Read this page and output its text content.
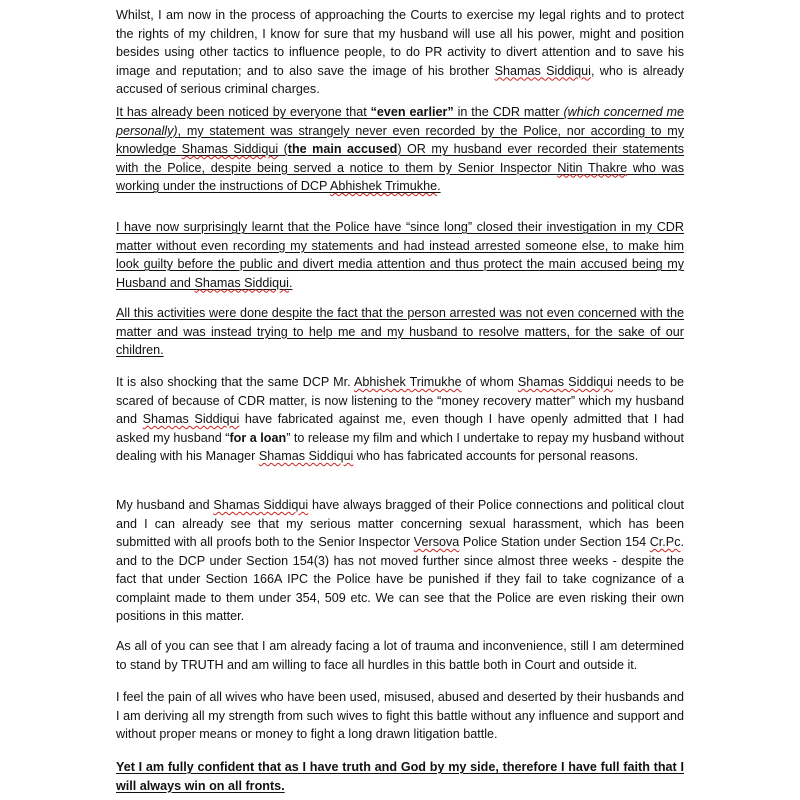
Whilst, I am now in the process of approaching the Courts to exercise my legal rights and to protect the rights of my children, I know for sure that my husband will use all his power, might and position besides using other tactics to influence people, to do PR activity to divert attention and to save his image and reputation; and to also save the image of his brother Shamas Siddiqui, who is already accused of serious criminal charges.

It has already been noticed by everyone that “even earlier” in the CDR matter (which concerned me personally), my statement was strangely never even recorded by the Police, nor according to my knowledge Shamas Siddiqui (the main accused) OR my husband ever recorded their statements with the Police, despite being served a notice to them by Senior Inspector Nitin Thakre who was working under the instructions of DCP Abhishek Trimukhe.

I have now surprisingly learnt that the Police have “since long” closed their investigation in my CDR matter without even recording my statements and had instead arrested someone else, to make him look guilty before the public and divert media attention and thus protect the main accused being my Husband and Shamas Siddiqui.

All this activities were done despite the fact that the person arrested was not even concerned with the matter and was instead trying to help me and my husband to resolve matters, for the sake of our children.

It is also shocking that the same DCP Mr. Abhishek Trimukhe of whom Shamas Siddiqui needs to be scared of because of CDR matter, is now listening to the “money recovery matter” which my husband and Shamas Siddiqui have fabricated against me, even though I have openly admitted that I had asked my husband “for a loan” to release my film and which I undertake to repay my husband without dealing with his Manager Shamas Siddiqui who has fabricated accounts for personal reasons.

My husband and Shamas Siddiqui have always bragged of their Police connections and political clout and I can already see that my serious matter concerning sexual harassment, which has been submitted with all proofs both to the Senior Inspector Versova Police Station under Section 154 Cr.Pc. and to the DCP under Section 154(3) has not moved further since almost three weeks - despite the fact that under Section 166A IPC the Police have be punished if they fail to take cognizance of a complaint made to them under 354, 509 etc. We can see that the Police are even risking their own positions in this matter.

As all of you can see that I am already facing a lot of trauma and inconvenience, still I am determined to stand by TRUTH and am willing to face all hurdles in this battle both in Court and outside it.

I feel the pain of all wives who have been used, misused, abused and deserted by their husbands and I am deriving all my strength from such wives to fight this battle without any influence and support and without proper means or money to fight a long drawn litigation battle.

Yet I am fully confident that as I have truth and God by my side, therefore I have full faith that I will always win on all fronts.
